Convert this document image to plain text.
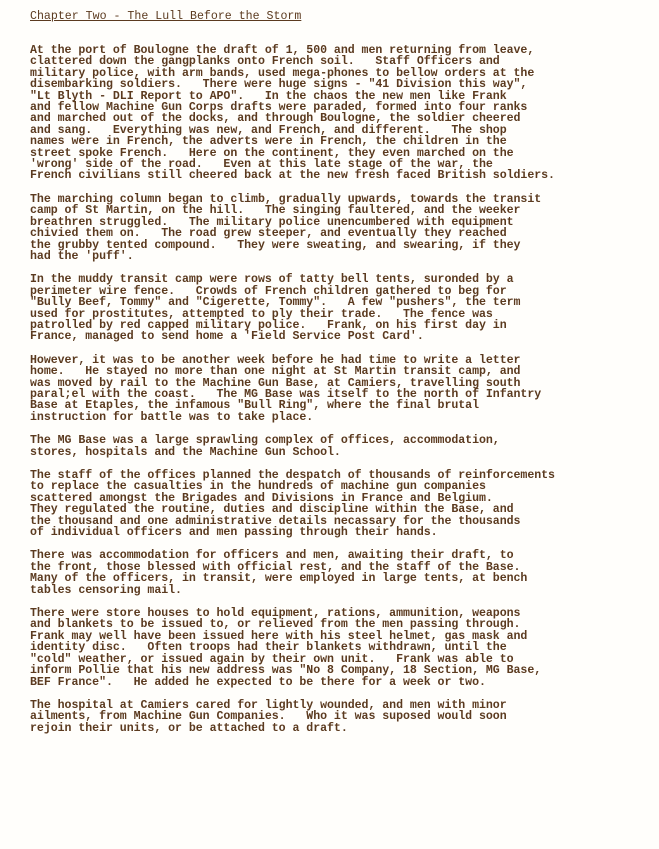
Chapter Two - The Lull Before the Storm
At the port of Boulogne the draft of 1, 500 and men returning from leave,
clattered down the gangplanks onto French soil.   Staff Officers and
military police, with arm bands, used mega-phones to bellow orders at the
disembarking soldiers.   There were huge signs - "41 Division this way",
"Lt Blyth - DLI Report to APO".   In the chaos the new men like Frank
and fellow Machine Gun Corps drafts were paraded, formed into four ranks
and marched out of the docks, and through Boulogne, the soldier cheered
and sang.   Everything was new, and French, and different.   The shop
names were in French, the adverts were in French, the children in the
street spoke French.   Here on the continent, they even marched on the
'wrong' side of the road.   Even at this late stage of the war, the
French civilians still cheered back at the new fresh faced British soldiers.
The marching column began to climb, gradually upwards, towards the transit
camp of St Martin, on the hill.   The singing faultered, and the weeker
breathren struggled.   The military police unencumbered with equipment
chivied them on.   The road grew steeper, and eventually they reached
the grubby tented compound.   They were sweating, and swearing, if they
had the 'puff'.
In the muddy transit camp were rows of tatty bell tents, suronded by a
perimeter wire fence.   Crowds of French children gathered to beg for
"Bully Beef, Tommy" and "Cigerette, Tommy".   A few "pushers", the term
used for prostitutes, attempted to ply their trade.   The fence was
patrolled by red capped military police.   Frank, on his first day in
France, managed to send home a 'Field Service Post Card'.
However, it was to be another week before he had time to write a letter
home.   He stayed no more than one night at St Martin transit camp, and
was moved by rail to the Machine Gun Base, at Camiers, travelling south
paral;el with the coast.   The MG Base was itself to the north of Infantry
Base at Etaples, the infamous "Bull Ring", where the final brutal
instruction for battle was to take place.
The MG Base was a large sprawling complex of offices, accommodation,
stores, hospitals and the Machine Gun School.
The staff of the offices planned the despatch of thousands of reinforcements
to replace the casualties in the hundreds of machine gun companies
scattered amongst the Brigades and Divisions in France and Belgium.
They regulated the routine, duties and discipline within the Base, and
the thousand and one administrative details necassary for the thousands
of individual officers and men passing through their hands.
There was accommodation for officers and men, awaiting their draft, to
the front, those blessed with official rest, and the staff of the Base.
Many of the officers, in transit, were employed in large tents, at bench
tables censoring mail.
There were store houses to hold equipment, rations, ammunition, weapons
and blankets to be issued to, or relieved from the men passing through.
Frank may well have been issued here with his steel helmet, gas mask and
identity disc.   Often troops had their blankets withdrawn, until the
"cold" weather, or issued again by their own unit.   Frank was able to
inform Pollie that his new address was "No 8 Company, 18 Section, MG Base,
BEF France".   He added he expected to be there for a week or two.
The hospital at Camiers cared for lightly wounded, and men with minor
ailments, from Machine Gun Companies.   Who it was suposed would soon
rejoin their units, or be attached to a draft.
